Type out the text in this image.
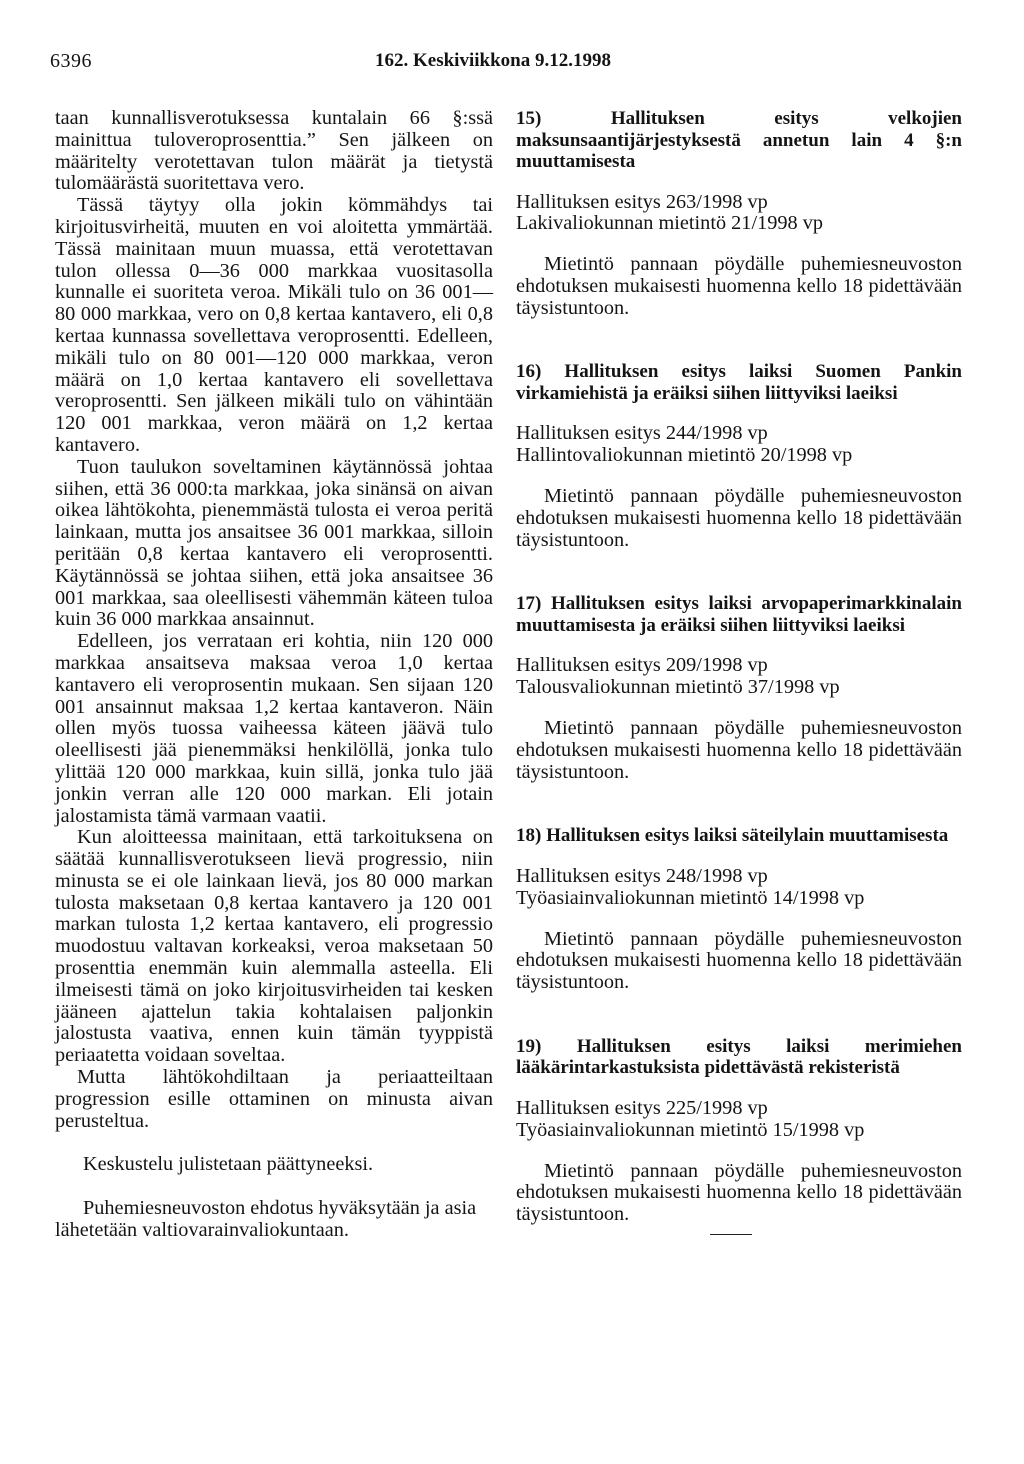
6396	162. Keskiviikkona 9.12.1998

taan kunnallisverotuksessa kuntalain 66 §:ssä mainittua tuloveroprosenttia.” Sen jälkeen on määritelty verotettavan tulon määrät ja tietystä tulomäärästä suoritettava vero.

Tässä täytyy olla jokin kömmähdys tai kirjoitusvirheitä, muuten en voi aloitetta ymmärtää. Tässä mainitaan muun muassa, että verotettavan tulon ollessa 0—36 000 markkaa vuositasolla kunnalle ei suoriteta veroa. Mikäli tulo on 36 001—80 000 markkaa, vero on 0,8 kertaa kantavero, eli 0,8 kertaa kunnassa sovellettava veroprosentti. Edelleen, mikäli tulo on 80 001—120 000 markkaa, veron määrä on 1,0 kertaa kantavero eli sovellettava veroprosentti. Sen jälkeen mikäli tulo on vähintään 120 001 markkaa, veron määrä on 1,2 kertaa kantavero.

Tuon taulukon soveltaminen käytännössä johtaa siihen, että 36 000:ta markkaa, joka sinänsä on aivan oikea lähtökohta, pienemmästä tulosta ei veroa peritä lainkaan, mutta jos ansaitsee 36 001 markkaa, silloin peritään 0,8 kertaa kantavero eli veroprosentti. Käytännössä se johtaa siihen, että joka ansaitsee 36 001 markkaa, saa oleellisesti vähemmän käteen tuloa kuin 36 000 markkaa ansainnut.

Edelleen, jos verrataan eri kohtia, niin 120 000 markkaa ansaitseva maksaa veroa 1,0 kertaa kantavero eli veroprosentin mukaan. Sen sijaan 120 001 ansainnut maksaa 1,2 kertaa kantaveron. Näin ollen myös tuossa vaiheessa käteen jäävä tulo oleellisesti jää pienemmäksi henkilöllä, jonka tulo ylittää 120 000 markkaa, kuin sillä, jonka tulo jää jonkin verran alle 120 000 markan. Eli jotain jalostamista tämä varmaan vaatii.

Kun aloitteessa mainitaan, että tarkoituksena on säätää kunnallisverotukseen lievä progressio, niin minusta se ei ole lainkaan lievä, jos 80 000 markan tulosta maksetaan 0,8 kertaa kantavero ja 120 001 markan tulosta 1,2 kertaa kantavero, eli progressio muodostuu valtavan korkeaksi, veroa maksetaan 50 prosenttia enemmän kuin alemmalla asteella. Eli ilmeisesti tämä on joko kirjoitusvirheiden tai kesken jääneen ajattelun takia kohtalaisen paljonkin jalostusta vaativa, ennen kuin tämän tyyppistä periaatetta voidaan soveltaa.

Mutta lähtökohdiltaan ja periaatteiltaan progression esille ottaminen on minusta aivan perusteltua.

Keskustelu julistetaan päättyneeksi.

Puhemiesneuvoston ehdotus hyväksytään ja asia lähetetään valtiovarainvaliokuntaan.

15) Hallituksen esitys velkojien maksunsaantijärjestyksestä annetun lain 4 §:n muuttamisesta

Hallituksen esitys 263/1998 vp
Lakivaliokunnan mietintö 21/1998 vp

Mietintö pannaan pöydälle puhemiesneuvoston ehdotuksen mukaisesti huomenna kello 18 pidettävään täysistuntoon.

16) Hallituksen esitys laiksi Suomen Pankin virkamiehistä ja eräiksi siihen liittyviksi laeiksi

Hallituksen esitys 244/1998 vp
Hallintovaliokunnan mietintö 20/1998 vp

Mietintö pannaan pöydälle puhemiesneuvoston ehdotuksen mukaisesti huomenna kello 18 pidettävään täysistuntoon.

17) Hallituksen esitys laiksi arvopaperimarkkinalain muuttamisesta ja eräiksi siihen liittyviksi laeiksi

Hallituksen esitys 209/1998 vp
Talousvaliokunnan mietintö 37/1998 vp

Mietintö pannaan pöydälle puhemiesneuvoston ehdotuksen mukaisesti huomenna kello 18 pidettävään täysistuntoon.

18) Hallituksen esitys laiksi säteilylain muuttamisesta

Hallituksen esitys 248/1998 vp
Työasiainvaliokunnan mietintö 14/1998 vp

Mietintö pannaan pöydälle puhemiesneuvoston ehdotuksen mukaisesti huomenna kello 18 pidettävään täysistuntoon.

19) Hallituksen esitys laiksi merimiehen lääkärintarkastuksista pidettävästä rekisteristä

Hallituksen esitys 225/1998 vp
Työasiainvaliokunnan mietintö 15/1998 vp

Mietintö pannaan pöydälle puhemiesneuvoston ehdotuksen mukaisesti huomenna kello 18 pidettävään täysistuntoon.
